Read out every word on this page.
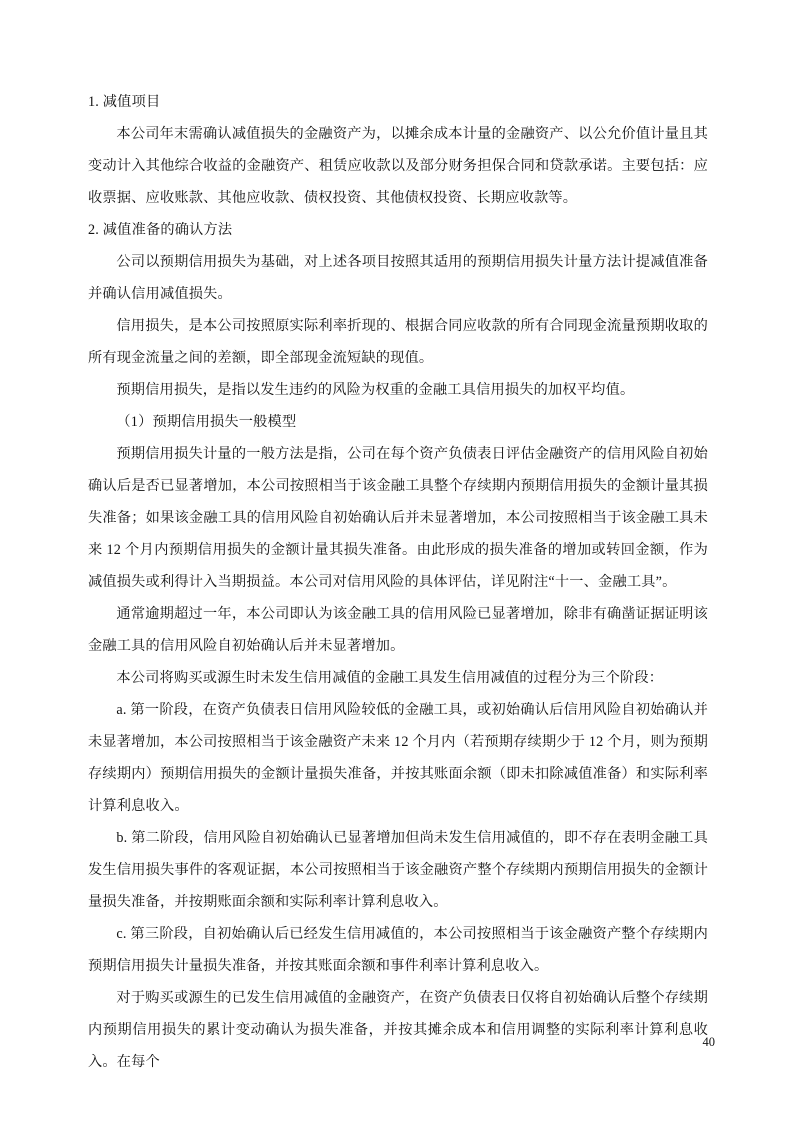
1. 减值项目

本公司年末需确认减值损失的金融资产为，以摊余成本计量的金融资产、以公允价值计量且其变动计入其他综合收益的金融资产、租赁应收款以及部分财务担保合同和贷款承诺。主要包括：应收票据、应收账款、其他应收款、债权投资、其他债权投资、长期应收款等。

2. 减值准备的确认方法

公司以预期信用损失为基础，对上述各项目按照其适用的预期信用损失计量方法计提减值准备并确认信用减值损失。

信用损失，是本公司按照原实际利率折现的、根据合同应收款的所有合同现金流量预期收取的所有现金流量之间的差额，即全部现金流短缺的现值。

预期信用损失，是指以发生违约的风险为权重的金融工具信用损失的加权平均值。

（1）预期信用损失一般模型

预期信用损失计量的一般方法是指，公司在每个资产负债表日评估金融资产的信用风险自初始确认后是否已显著增加，本公司按照相当于该金融工具整个存续期内预期信用损失的金额计量其损失准备；如果该金融工具的信用风险自初始确认后并未显著增加，本公司按照相当于该金融工具未来 12 个月内预期信用损失的金额计量其损失准备。由此形成的损失准备的增加或转回金额，作为减值损失或利得计入当期损益。本公司对信用风险的具体评估，详见附注“十一、金融工具”。

通常逾期超过一年，本公司即认为该金融工具的信用风险已显著增加，除非有确凿证据证明该金融工具的信用风险自初始确认后并未显著增加。

本公司将购买或源生时未发生信用减值的金融工具发生信用减值的过程分为三个阶段：

a. 第一阶段，在资产负债表日信用风险较低的金融工具，或初始确认后信用风险自初始确认并未显著增加，本公司按照相当于该金融资产未来 12 个月内（若预期存续期少于 12 个月，则为预期存续期内）预期信用损失的金额计量损失准备，并按其账面余额（即未扣除减值准备）和实际利率计算利息收入。

b. 第二阶段，信用风险自初始确认已显著增加但尚未发生信用减值的，即不存在表明金融工具发生信用损失事件的客观证据，本公司按照相当于该金融资产整个存续期内预期信用损失的金额计量损失准备，并按期账面余额和实际利率计算利息收入。

c. 第三阶段，自初始确认后已经发生信用减值的，本公司按照相当于该金融资产整个存续期内预期信用损失计量损失准备，并按其账面余额和事件利率计算利息收入。

对于购买或源生的已发生信用减值的金融资产，在资产负债表日仅将自初始确认后整个存续期内预期信用损失的累计变动确认为损失准备，并按其摊余成本和信用调整的实际利率计算利息收入。在每个

40
